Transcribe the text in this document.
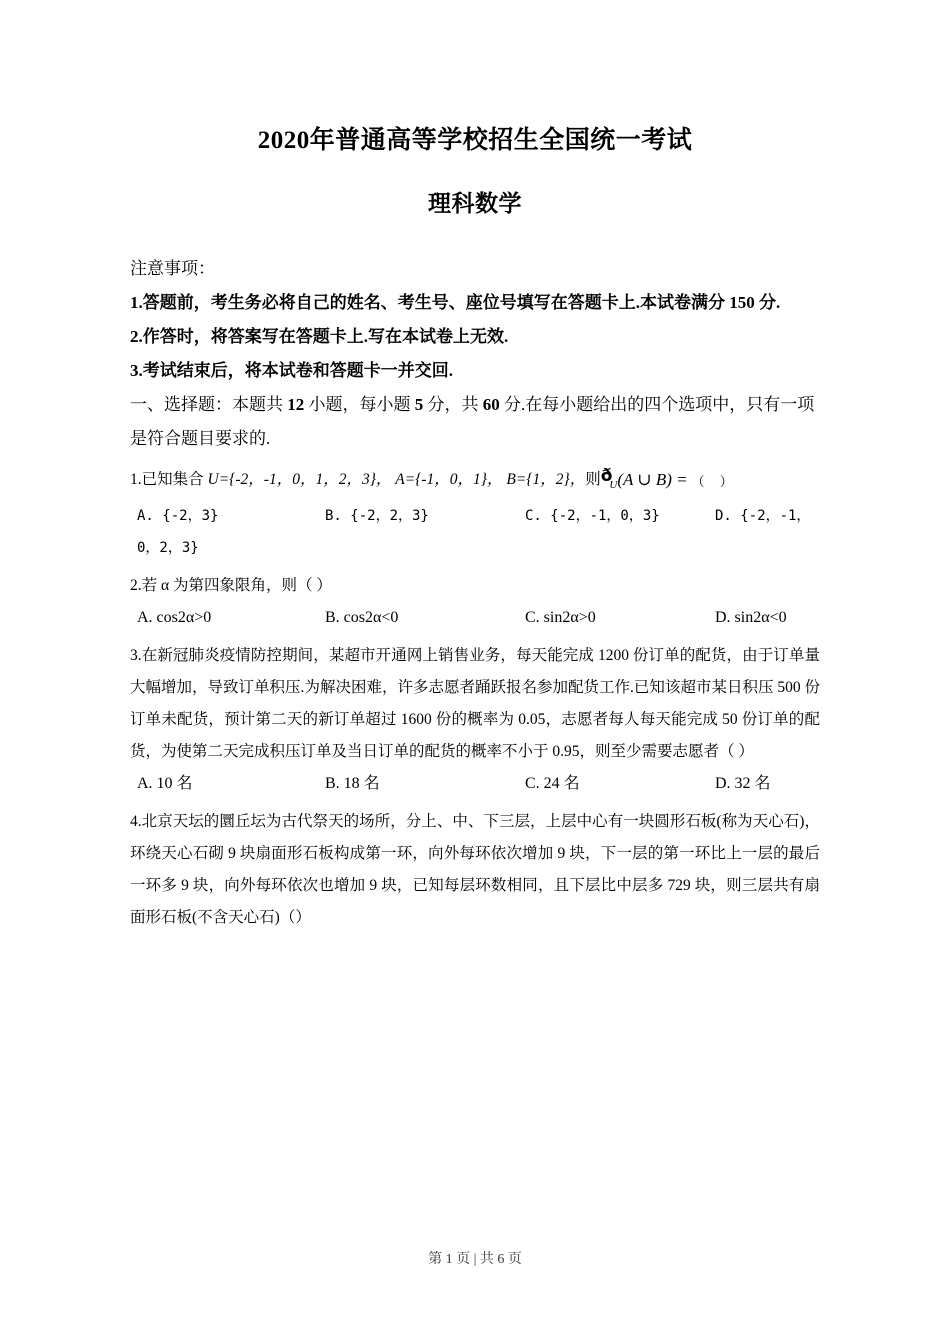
2020年普通高等学校招生全国统一考试
理科数学
注意事项：
1.答题前，考生务必将自己的姓名、考生号、座位号填写在答题卡上.本试卷满分 150 分.
2.作答时，将答案写在答题卡上.写在本试卷上无效.
3.考试结束后，将本试卷和答题卡一并交回.
一、选择题：本题共 12 小题，每小题 5 分，共 60 分.在每小题给出的四个选项中，只有一项是符合题目要求的.
1.已知集合 U={-2，-1，0，1，2，3}， A={-1，0，1}， B={1，2}，则$ð_U(A$ ∪ B) = （ ）
A. {-2，3}	B. {-2，2，3}	C. {-2，-1，0，3}	D. {-2，-1，
0，2，3}
2.若 α 为第四象限角，则（ ）
A. cos2α>0	B. cos2α<0	C. sin2α>0	D. sin2α<0
3.在新冠肺炎疫情防控期间，某超市开通网上销售业务，每天能完成 1200 份订单的配货，由于订单量大幅增加，导致订单积压.为解决困难，许多志愿者踊跃报名参加配货工作.已知该超市某日积压 500 份订单未配货，预计第二天的新订单超过 1600 份的概率为 0.05，志愿者每人每天能完成 50 份订单的配货，为使第二天完成积压订单及当日订单的配货的概率不小于 0.95，则至少需要志愿者（ ）
A. 10 名	B. 18 名	C. 24 名	D. 32 名
4.北京天坛的圜丘坛为古代祭天的场所，分上、中、下三层，上层中心有一块圆形石板(称为天心石)，环绕天心石砌 9 块扇面形石板构成第一环，向外每环依次增加 9 块，下一层的第一环比上一层的最后一环多 9 块，向外每环依次也增加 9 块，已知每层环数相同，且下层比中层多 729 块，则三层共有扇面形石板(不含天心石)（）
第 1 页 | 共 6 页
